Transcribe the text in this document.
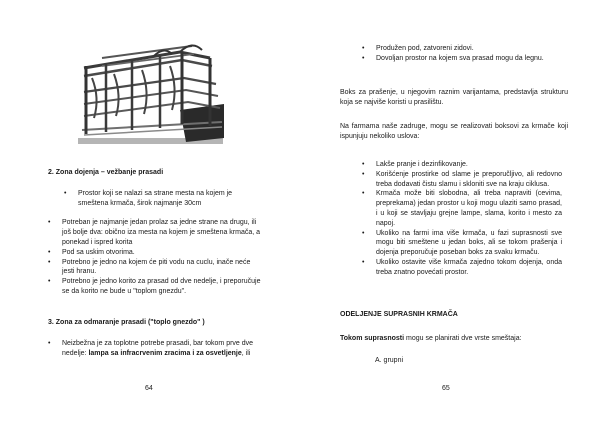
2. Zona dojenja – vežbanje prasadi

• Prostor koji se nalazi sa strane mesta na kojem je smeštena krmača, širok najmanje 30cm
• Potreban je najmanje jedan prolaz sa jedne strane na drugu, ili još bolje dva: obično iza mesta na kojem je smeštena krmača, a ponekad i ispred korita
• Pod sa uskim otvorima.
• Potrebno je jedno na kojem će piti vodu na cuclu, inače neće jesti hranu.
• Potrebno je jedno korito za prasad od dve nedelje, i preporučuje se da korito ne bude u "toplom gnezdu".

3. Zona za odmaranje prasadi ("toplo gnezdo" )

• Neizbežna je za toplotne potrebe prasadi, bar tokom prve dve nedelje: lampa sa infracrvenim zracima i za osvetljenje, ili
64
• Produžen pod, zatvoreni zidovi.
• Dovoljan prostor na kojem sva prasad mogu da legnu.

Boks za prašenje, u njegovim raznim varijantama, predstavlja strukturu koja se najviše koristi u prasilištu.

Na farmama naše zadruge, mogu se realizovati boksovi za krmače koji ispunjuju nekoliko uslova:

• Lakše pranje i dezinfikovanje.
• Korišćenje prostirke od slame je preporučljivo, ali redovno treba dodavati čistu slamu i skloniti sve na kraju ciklusa.
• Krmača može biti slobodna, ali treba napraviti (cevima, preprekama) jedan prostor u koji mogu ulaziti samo prasad, i u koji se stavljaju grejne lampe, slama, korito i mesto za napoj.
• Ukoliko na farmi ima više krmača, u fazi suprasnosti sve mogu biti smeštene u jedan boks, ali se tokom prašenja i dojenja preporučuje poseban boks za svaku krmaču.
• Ukoliko ostavite više krmača zajedno tokom dojenja, onda treba znatno povećati prostor.

ODELJENJE SUPRASNIH KRMAČA

Tokom suprasnosti mogu se planirati dve vrste smeštaja:

A. grupni

65
